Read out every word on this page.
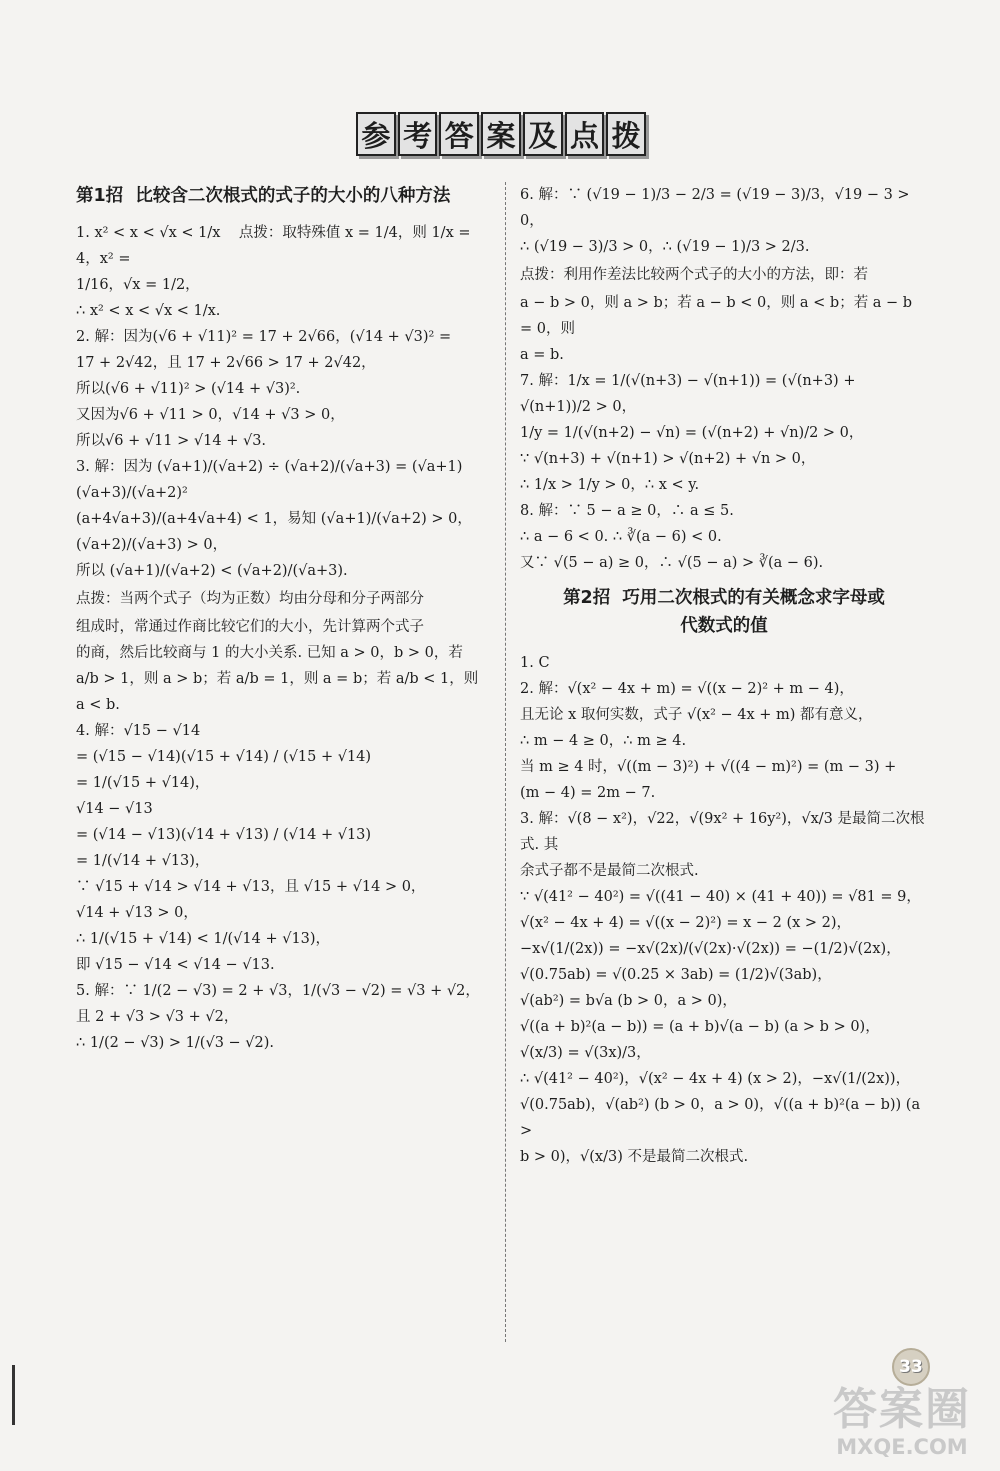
参 考 答 案 及 点 拨
第1招  比较含二次根式的式子的大小的八种方法
1. x² < x < √x < 1/x    点拨：取特殊值 x = 1/4，则 1/x = 4，x² =
1/16，√x = 1/2，
∴ x² < x < √x < 1/x.
2. 解：因为(√6 + √11)² = 17 + 2√66，(√14 + √3)² =
17 + 2√42，且 17 + 2√66 > 17 + 2√42，
所以(√6 + √11)² > (√14 + √3)².
又因为√6 + √11 > 0，√14 + √3 > 0，
所以√6 + √11 > √14 + √3.
3. 解：因为 (√a+1)/(√a+2) ÷ (√a+2)/(√a+3) = (√a+1)(√a+3)/(√a+2)²
(a+4√a+3)/(a+4√a+4) < 1，易知 (√a+1)/(√a+2) > 0，(√a+2)/(√a+3) > 0，
所以 (√a+1)/(√a+2) < (√a+2)/(√a+3).
点拨：当两个式子（均为正数）均由分母和分子两部分
组成时，常通过作商比较它们的大小，先计算两个式子
的商，然后比较商与 1 的大小关系. 已知 a > 0，b > 0，若
a/b > 1，则 a > b；若 a/b = 1，则 a = b；若 a/b < 1，则 a < b.
4. 解：√15 − √14
= (√15 − √14)(√15 + √14) / (√15 + √14)
= 1/(√15 + √14)，
√14 − √13
= (√14 − √13)(√14 + √13) / (√14 + √13)
= 1/(√14 + √13)，
∵ √15 + √14 > √14 + √13，且 √15 + √14 > 0，
√14 + √13 > 0，
∴ 1/(√15 + √14) < 1/(√14 + √13)，
即 √15 − √14 < √14 − √13.
5. 解：∵ 1/(2 − √3) = 2 + √3，1/(√3 − √2) = √3 + √2，
且 2 + √3 > √3 + √2，
∴ 1/(2 − √3) > 1/(√3 − √2).
6. 解：∵ (√19 − 1)/3 − 2/3 = (√19 − 3)/3，√19 − 3 > 0，
∴ (√19 − 3)/3 > 0，∴ (√19 − 1)/3 > 2/3.
点拨：利用作差法比较两个式子的大小的方法，即：若
a − b > 0，则 a > b；若 a − b < 0，则 a < b；若 a − b = 0，则
a = b.
7. 解：1/x = 1/(√(n+3) − √(n+1)) = (√(n+3) + √(n+1))/2 > 0，
1/y = 1/(√(n+2) − √n) = (√(n+2) + √n)/2 > 0，
∵ √(n+3) + √(n+1) > √(n+2) + √n > 0，
∴ 1/x > 1/y > 0，∴ x < y.
8. 解：∵ 5 − a ≥ 0，∴ a ≤ 5.
∴ a − 6 < 0. ∴ ∛(a − 6) < 0.
又∵ √(5 − a) ≥ 0，∴ √(5 − a) > ∛(a − 6).
第2招  巧用二次根式的有关概念求字母或
代数式的值
1. C
2. 解：√(x² − 4x + m) = √((x − 2)² + m − 4)，
且无论 x 取何实数，式子 √(x² − 4x + m) 都有意义，
∴ m − 4 ≥ 0，∴ m ≥ 4.
当 m ≥ 4 时，√((m − 3)²) + √((4 − m)²) = (m − 3) +
(m − 4) = 2m − 7.
3. 解：√(8 − x²)，√22，√(9x² + 16y²)，√x/3 是最简二次根式. 其
余式子都不是最简二次根式.
∵ √(41² − 40²) = √((41 − 40) × (41 + 40)) = √81 = 9，
√(x² − 4x + 4) = √((x − 2)²) = x − 2 (x > 2)，
−x√(1/(2x)) = −x√(2x)/(√(2x)·√(2x)) = −(1/2)√(2x)，
√(0.75ab) = √(0.25 × 3ab) = (1/2)√(3ab)，
√(ab²) = b√a (b > 0，a > 0)，
√((a + b)²(a − b)) = (a + b)√(a − b) (a > b > 0)，
√(x/3) = √(3x)/3，
∴ √(41² − 40²)，√(x² − 4x + 4) (x > 2)，−x√(1/(2x))，
√(0.75ab)，√(ab²) (b > 0，a > 0)，√((a + b)²(a − b)) (a >
b > 0)，√(x/3) 不是最简二次根式.
33
答案圈
MXQE.COM
